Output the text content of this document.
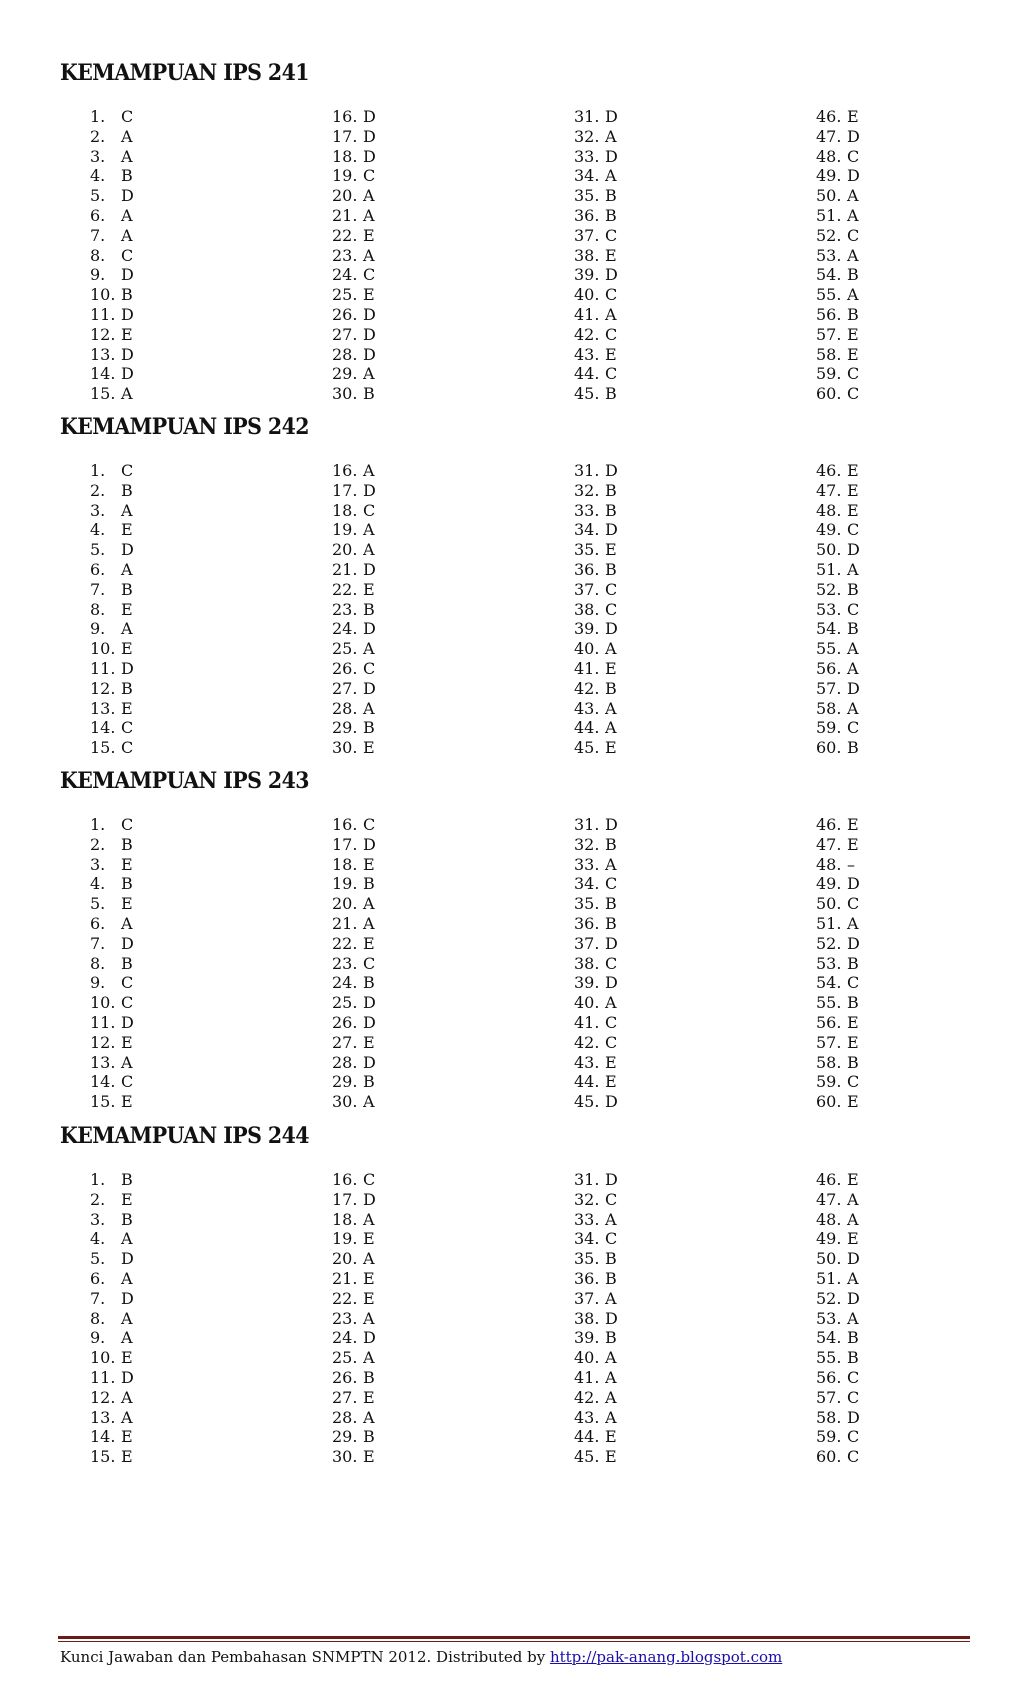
KEMAMPUAN IPS 241
1. C
2. A
3. A
4. B
5. D
6. A
7. A
8. C
9. D
10. B
11. D
12. E
13. D
14. D
15. A
16. D
17. D
18. D
19. C
20. A
21. A
22. E
23. A
24. C
25. E
26. D
27. D
28. D
29. A
30. B
31. D
32. A
33. D
34. A
35. B
36. B
37. C
38. E
39. D
40. C
41. A
42. C
43. E
44. C
45. B
46. E
47. D
48. C
49. D
50. A
51. A
52. C
53. A
54. B
55. A
56. B
57. E
58. E
59. C
60. C
KEMAMPUAN IPS 242
1. C
2. B
3. A
4. E
5. D
6. A
7. B
8. E
9. A
10. E
11. D
12. B
13. E
14. C
15. C
16. A
17. D
18. C
19. A
20. A
21. D
22. E
23. B
24. D
25. A
26. C
27. D
28. A
29. B
30. E
31. D
32. B
33. B
34. D
35. E
36. B
37. C
38. C
39. D
40. A
41. E
42. B
43. A
44. A
45. E
46. E
47. E
48. E
49. C
50. D
51. A
52. B
53. C
54. B
55. A
56. A
57. D
58. A
59. C
60. B
KEMAMPUAN IPS 243
1. C
2. B
3. E
4. B
5. E
6. A
7. D
8. B
9. C
10. C
11. D
12. E
13. A
14. C
15. E
16. C
17. D
18. E
19. B
20. A
21. A
22. E
23. C
24. B
25. D
26. D
27. E
28. D
29. B
30. A
31. D
32. B
33. A
34. C
35. B
36. B
37. D
38. C
39. D
40. A
41. C
42. C
43. E
44. E
45. D
46. E
47. E
48. –
49. D
50. C
51. A
52. D
53. B
54. C
55. B
56. E
57. E
58. B
59. C
60. E
KEMAMPUAN IPS 244
1. B
2. E
3. B
4. A
5. D
6. A
7. D
8. A
9. A
10. E
11. D
12. A
13. A
14. E
15. E
16. C
17. D
18. A
19. E
20. A
21. E
22. E
23. A
24. D
25. A
26. B
27. E
28. A
29. B
30. E
31. D
32. C
33. A
34. C
35. B
36. B
37. A
38. D
39. B
40. A
41. A
42. A
43. A
44. E
45. E
46. E
47. A
48. A
49. E
50. D
51. A
52. D
53. A
54. B
55. B
56. C
57. C
58. D
59. C
60. C
Kunci Jawaban dan Pembahasan SNMPTN 2012. Distributed by http://pak-anang.blogspot.com
